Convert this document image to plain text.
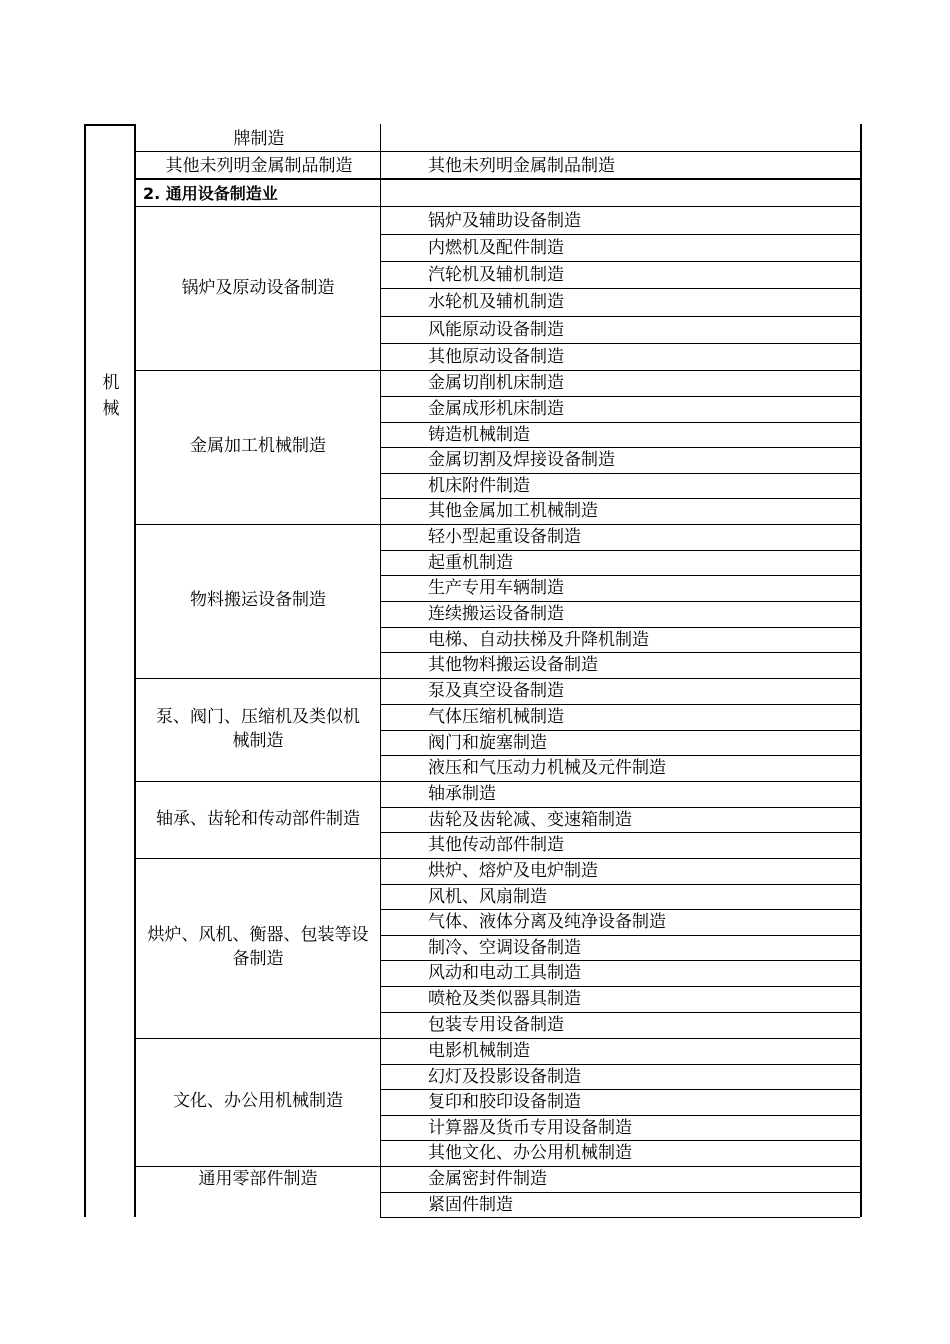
机
械
牌制造
其他未列明金属制品制造	其他未列明金属制品制造
2. 通用设备制造业
锅炉及辅助设备制造
内燃机及配件制造
汽轮机及辅机制造
水轮机及辅机制造
风能原动设备制造
其他原动设备制造
锅炉及原动设备制造
金属切削机床制造
金属成形机床制造
铸造机械制造
金属切割及焊接设备制造
机床附件制造
其他金属加工机械制造
金属加工机械制造
轻小型起重设备制造
起重机制造
生产专用车辆制造
连续搬运设备制造
电梯、自动扶梯及升降机制造
其他物料搬运设备制造
物料搬运设备制造
泵及真空设备制造
气体压缩机械制造
阀门和旋塞制造
液压和气压动力机械及元件制造
泵、阀门、压缩机及类似机
械制造
轴承制造
齿轮及齿轮减、变速箱制造
其他传动部件制造
轴承、齿轮和传动部件制造
烘炉、熔炉及电炉制造
风机、风扇制造
气体、液体分离及纯净设备制造
制冷、空调设备制造
风动和电动工具制造
喷枪及类似器具制造
包装专用设备制造
烘炉、风机、衡器、包装等设
备制造
电影机械制造
幻灯及投影设备制造
复印和胶印设备制造
计算器及货币专用设备制造
其他文化、办公用机械制造
文化、办公用机械制造
金属密封件制造
紧固件制造
通用零部件制造
